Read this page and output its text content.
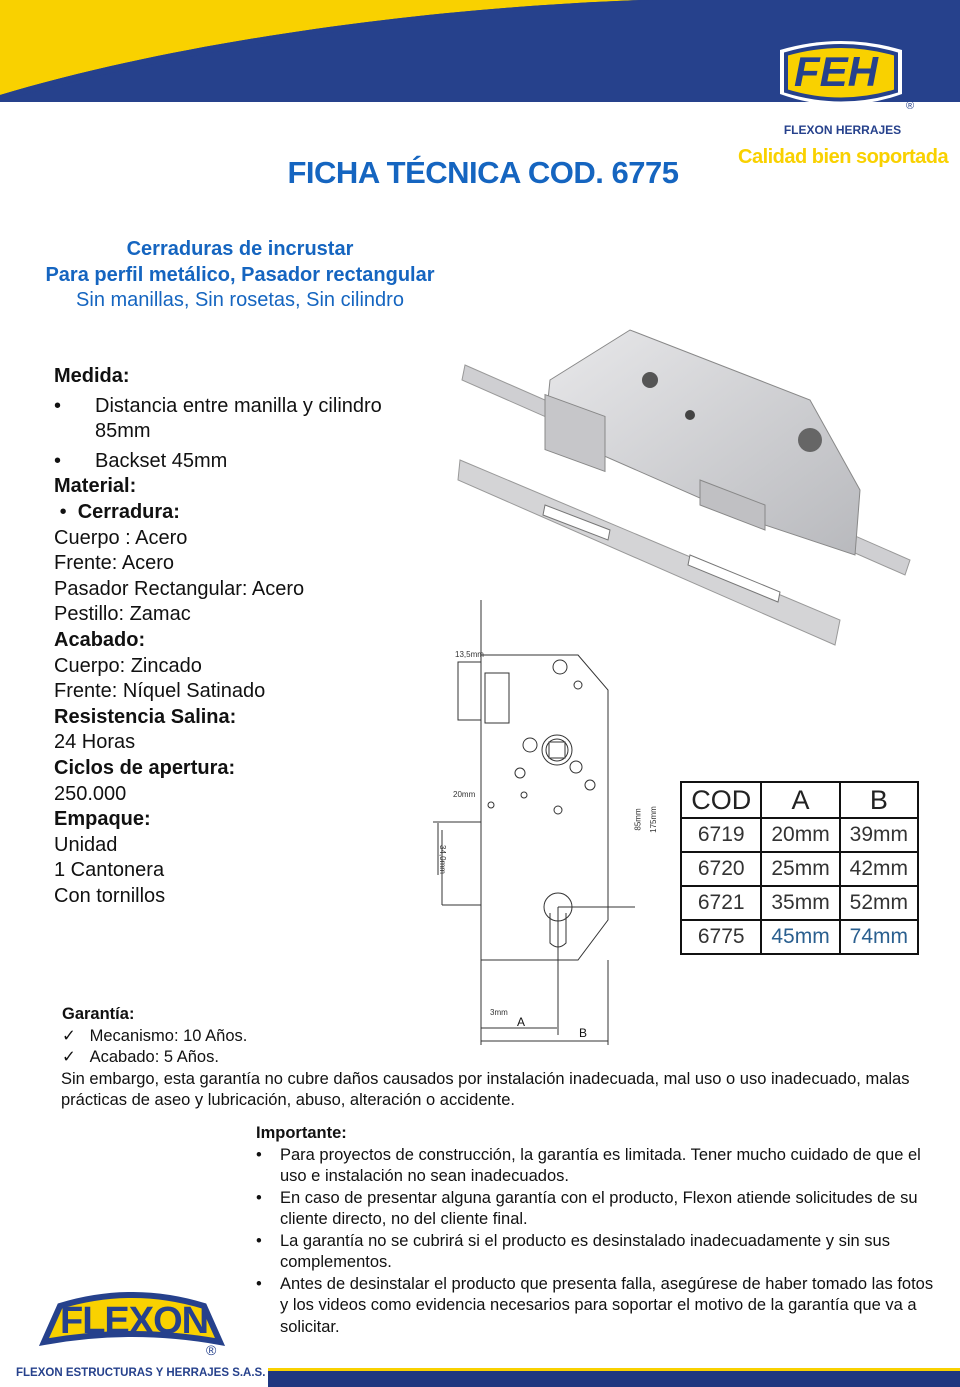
FEH
®
FLEXON HERRAJES
Calidad bien soportada
FICHA TÉCNICA COD. 6775
Cerraduras de incrustar
Para perfil metálico, Pasador rectangular
Sin manillas, Sin rosetas, Sin cilindro
Medida:
•	Distancia entre manilla y cilindro 85mm
•	Backset 45mm
Material:
• Cerradura:
Cuerpo : Acero
Frente: Acero
Pasador Rectangular: Acero
Pestillo: Zamac
Acabado:
Cuerpo: Zincado
Frente: Níquel Satinado
Resistencia Salina:
24 Horas
Ciclos de apertura:
250.000
Empaque:
Unidad
1 Cantonera
Con tornillos
13,5mm
20mm
34,0mm
85mm 175mm
3mm
A
B
COD	A	B
6719	20mm	39mm
6720	25mm	42mm
6721	35mm	52mm
6775	45mm	74mm
Garantía:
✓ Mecanismo: 10 Años.
✓ Acabado: 5 Años.
Sin embargo, esta garantía no cubre daños causados por instalación inadecuada, mal uso o uso inadecuado, malas prácticas de aseo y lubricación, abuso, alteración o accidente.
Importante:
•	Para proyectos de construcción, la garantía es limitada. Tener mucho cuidado de que el uso e instalación no sean inadecuados.
•	En caso de presentar alguna garantía con el producto, Flexon atiende solicitudes de su cliente directo, no del cliente final.
•	La garantía no se cubrirá si el producto es desinstalado inadecuadamente y sin sus complementos.
•	Antes de desinstalar el producto que presenta falla, asegúrese de haber tomado las fotos y los videos como evidencia necesarios para soportar el motivo de la garantía que va a solicitar.
FLEXON
®
FLEXON ESTRUCTURAS Y HERRAJES S.A.S.
